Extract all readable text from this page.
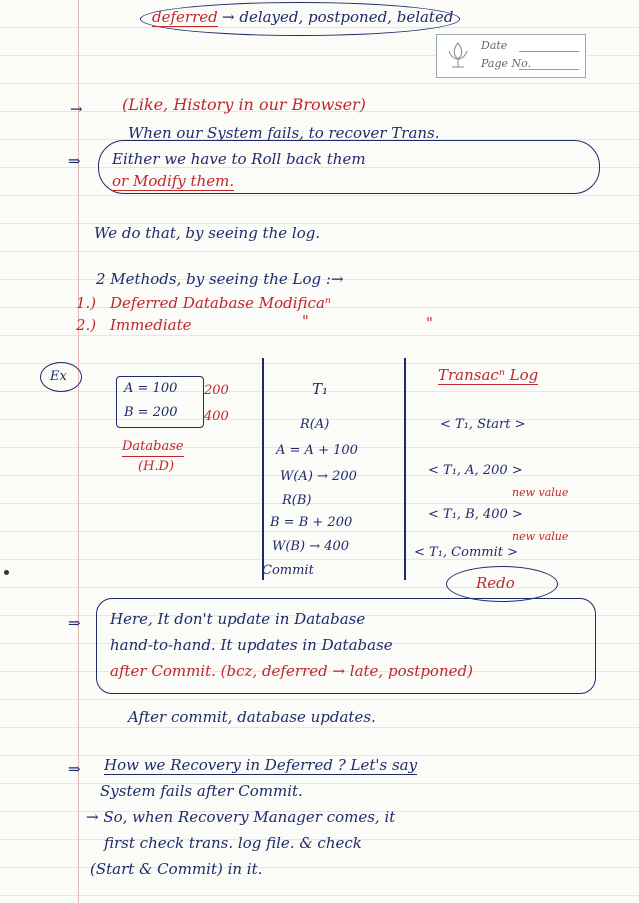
Date
Page No.
deferred → delayed, postponed, belated
→ (Like, History in our Browser)
When our System fails, to recover Trans.
⇒ Either we have to Roll back them
or Modify them.
We do that, by seeing the log.
2 Methods, by seeing the Log :→
1.) Deferred Database Modificaⁿ
2.) Immediate	"	"
Ex
A = 100 200
B = 200 400
Database
(H.D)
T₁
R(A)
A = A + 100
W(A) → 200
R(B)
B = B + 200
W(B) → 400
Commit
Transacⁿ Log
< T₁, Start >
< T₁, A, 200 >
new value
< T₁, B, 400 >
new value
< T₁, Commit >
Redo
⇒ Here, It don't update in Database
hand-to-hand. It updates in Database
after Commit. (bcz, deferred → late, postponed)
After commit, database updates.
⇒ How we Recovery in Deferred ? Let's say
System fails after Commit.
→ So, when Recovery Manager comes, it
first check trans. log file. & check
(Start & Commit) in it.
